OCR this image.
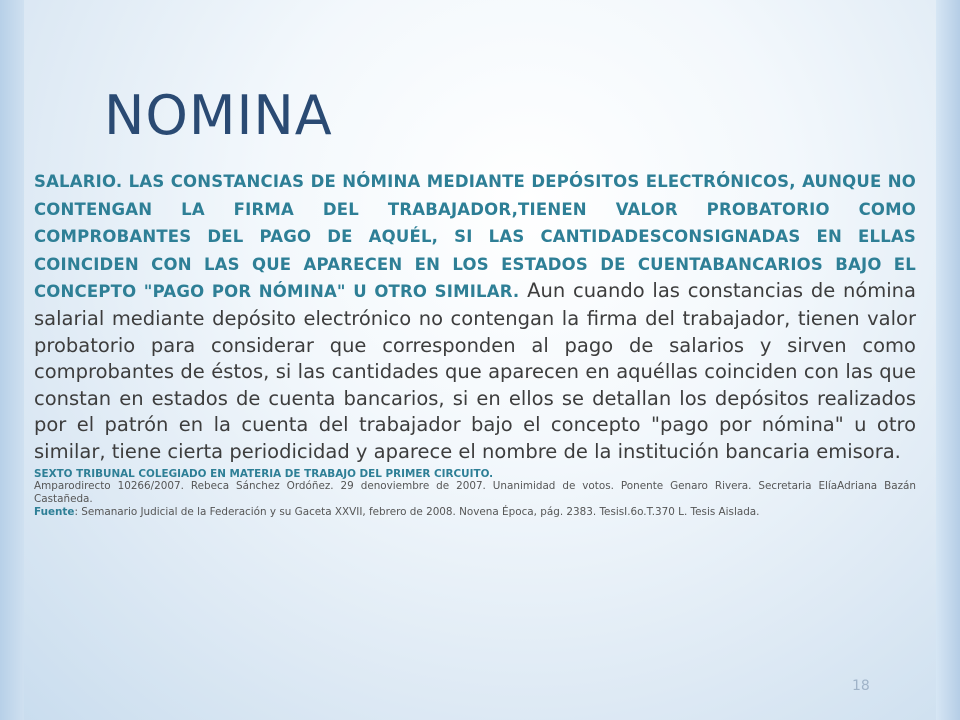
NOMINA

SALARIO. LAS CONSTANCIAS DE NÓMINA MEDIANTE DEPÓSITOS ELECTRÓNICOS, AUNQUE NO CONTENGAN LA FIRMA DEL TRABAJADOR,TIENEN VALOR PROBATORIO COMO COMPROBANTES DEL PAGO DE AQUÉL, SI LAS CANTIDADESCONSIGNADAS EN ELLAS COINCIDEN CON LAS QUE APARECEN EN LOS ESTADOS DE CUENTABANCARIOS BAJO EL CONCEPTO "PAGO POR NÓMINA" U OTRO SIMILAR. Aun cuando las constancias de nómina salarial mediante depósito electrónico no contengan la firma del trabajador, tienen valor probatorio para considerar que corresponden al pago de salarios y sirven como comprobantes de éstos, si las cantidades que aparecen en aquéllas coinciden con las que constan en estados de cuenta bancarios, si en ellos se detallan los depósitos realizados por el patrón en la cuenta del trabajador bajo el concepto "pago por nómina" u otro similar, tiene cierta periodicidad y aparece el nombre de la institución bancaria emisora.

SEXTO TRIBUNAL COLEGIADO EN MATERIA DE TRABAJO DEL PRIMER CIRCUITO.

Amparodirecto 10266/2007. Rebeca Sánchez Ordóñez. 29 denoviembre de 2007. Unanimidad de votos. Ponente Genaro Rivera. Secretaria ElíaAdriana Bazán Castañeda.

Fuente: Semanario Judicial de la Federación y su Gaceta XXVII, febrero de 2008. Novena Época, pág. 2383. TesisI.6o.T.370 L. Tesis Aislada.

18
